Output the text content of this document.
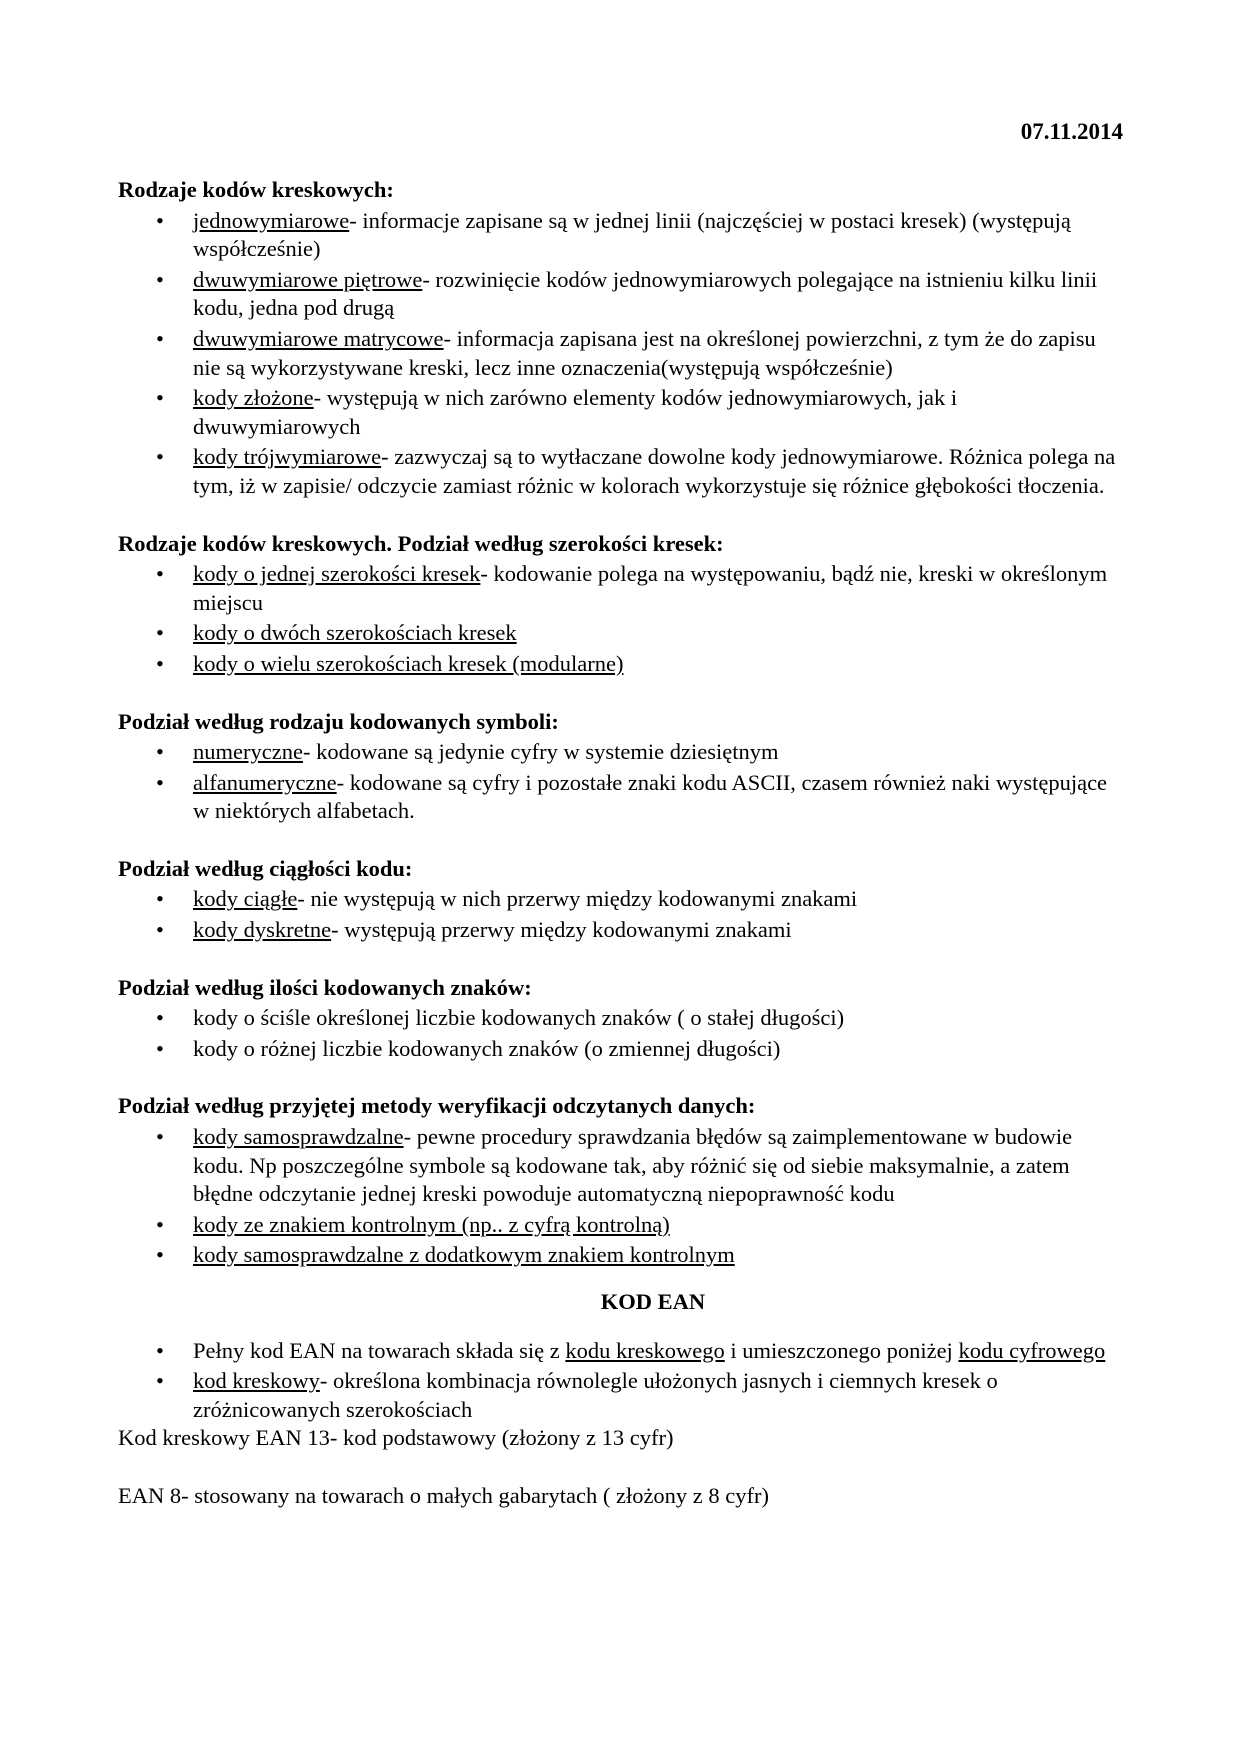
07.11.2014

Rodzaje kodów kreskowych:

• jednowymiarowe- informacje zapisane są w jednej linii (najczęściej w postaci kresek) (występują współcześnie)
• dwuwymiarowe piętrowe- rozwinięcie kodów jednowymiarowych polegające na istnieniu kilku linii kodu, jedna pod drugą
• dwuwymiarowe matrycowe- informacja zapisana jest na określonej powierzchni, z tym że do zapisu nie są wykorzystywane kreski, lecz inne oznaczenia(występują współcześnie)
• kody złożone- występują w nich zarówno elementy kodów jednowymiarowych, jak i dwuwymiarowych
• kody trójwymiarowe- zazwyczaj są to wytłaczane dowolne kody jednowymiarowe. Różnica polega na tym, iż w zapisie/ odczycie zamiast różnic w kolorach wykorzystuje się różnice głębokości tłoczenia.

Rodzaje kodów kreskowych. Podział według szerokości kresek:

• kody o jednej szerokości kresek- kodowanie polega na występowaniu, bądź nie, kreski w określonym miejscu
• kody o dwóch szerokościach kresek
• kody o wielu szerokościach kresek (modularne)

Podział według rodzaju kodowanych symboli:

• numeryczne- kodowane są jedynie cyfry w systemie dziesiętnym
• alfanumeryczne- kodowane są cyfry i pozostałe znaki kodu ASCII, czasem również naki występujące w niektórych alfabetach.

Podział według ciągłości kodu:

• kody ciągłe- nie występują w nich przerwy między kodowanymi znakami
• kody dyskretne- występują przerwy między kodowanymi znakami

Podział według ilości kodowanych znaków:

• kody o ściśle określonej liczbie kodowanych znaków ( o stałej długości)
• kody o różnej liczbie kodowanych znaków (o zmiennej długości)

Podział według przyjętej metody weryfikacji odczytanych danych:

• kody samosprawdzalne- pewne procedury sprawdzania błędów są zaimplementowane w budowie kodu. Np poszczególne symbole są kodowane tak, aby różnić się od siebie maksymalnie, a zatem błędne odczytanie jednej kreski powoduje automatyczną niepoprawność kodu
• kody ze znakiem kontrolnym (np.. z cyfrą kontrolną)
• kody samosprawdzalne z dodatkowym znakiem kontrolnym

KOD EAN

• Pełny kod EAN na towarach składa się z kodu kreskowego i umieszczonego poniżej kodu cyfrowego
• kod kreskowy- określona kombinacja równolegle ułożonych jasnych i ciemnych kresek o zróżnicowanych szerokościach

Kod kreskowy EAN 13- kod podstawowy (złożony z 13 cyfr)

EAN 8- stosowany na towarach o małych gabarytach ( złożony z 8 cyfr)
